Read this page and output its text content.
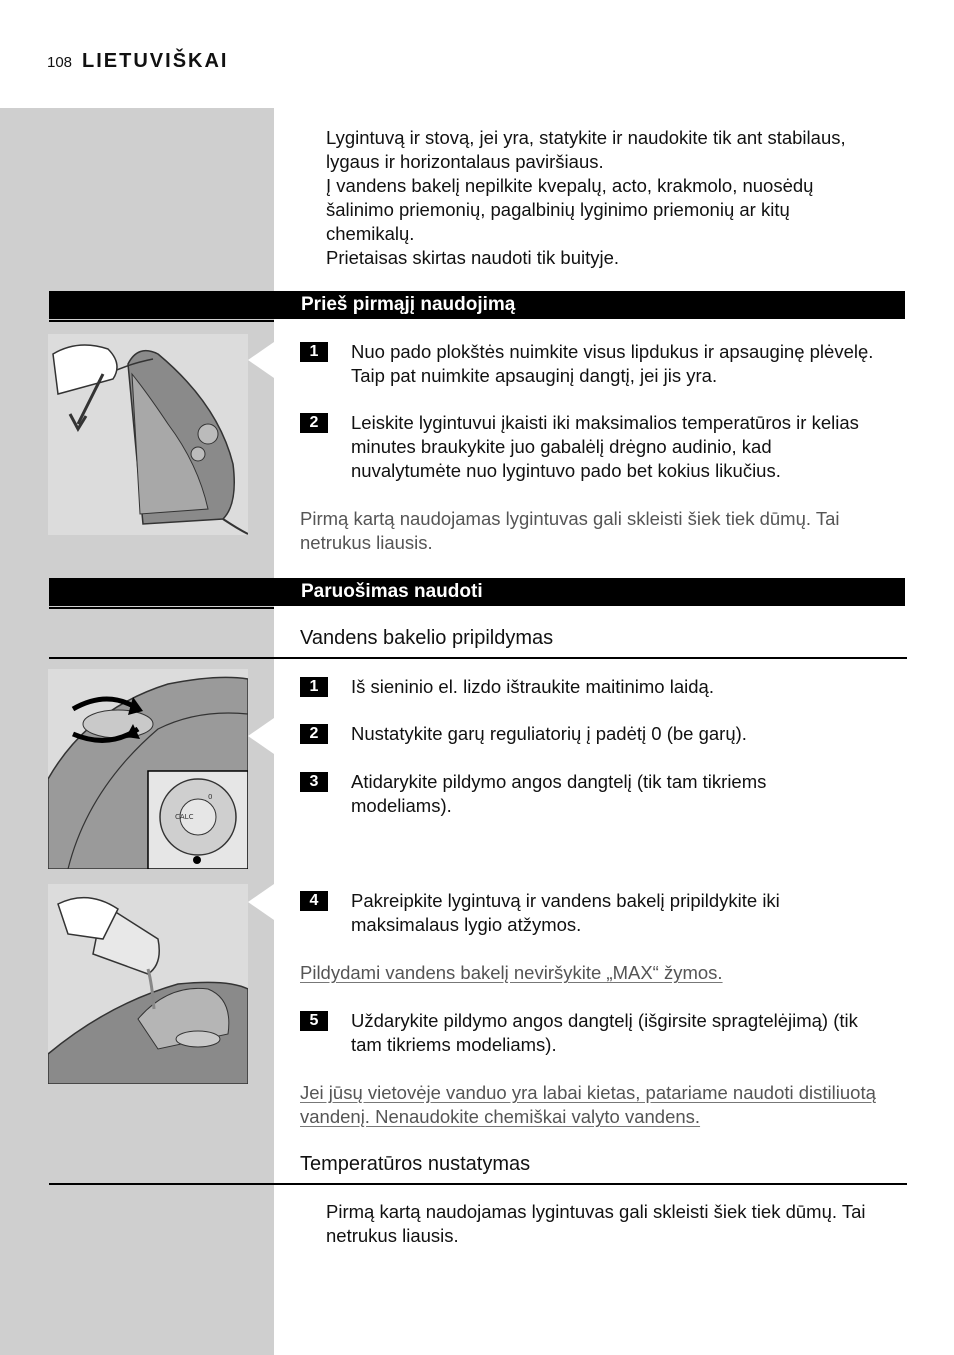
108 LIETUVIŠKAI
Lygintuvą ir stovą, jei yra, statykite ir naudokite tik ant stabilaus,
lygaus ir horizontalaus paviršiaus.
Į vandens bakelį nepilkite kvepalų, acto, krakmolo, nuosėdų
šalinimo priemonių, pagalbinių lyginimo priemonių ar kitų
chemikalų.
Prietaisas skirtas naudoti tik buityje.
Prieš pirmąjį naudojimą
1	Nuo pado plokštės nuimkite visus lipdukus ir apsauginę plėvelę.
Taip pat nuimkite apsauginį dangtį, jei jis yra.
2	Leiskite lygintuvui įkaisti iki maksimalios temperatūros ir kelias
minutes braukykite juo gabalėlį drėgno audinio, kad
nuvalytumėte nuo lygintuvo pado bet kokius likučius.
Pirmą kartą naudojamas lygintuvas gali skleisti šiek tiek dūmų. Tai
netrukus liausis.
Paruošimas naudoti
Vandens bakelio pripildymas
CALC
0
1	Iš sieninio el. lizdo ištraukite maitinimo laidą.
2	Nustatykite garų reguliatorių į padėtį 0 (be garų).
3	Atidarykite pildymo angos dangtelį (tik tam tikriems
modeliams).
4	Pakreipkite lygintuvą ir vandens bakelį pripildykite iki
maksimalaus lygio atžymos.
Pildydami vandens bakelį neviršykite „MAX“ žymos.
5	Uždarykite pildymo angos dangtelį (išgirsite spragtelėjimą) (tik
tam tikriems modeliams).
Jei jūsų vietovėje vanduo yra labai kietas, patariame naudoti distiliuotą
vandenį. Nenaudokite chemiškai valyto vandens.
Temperatūros nustatymas
Pirmą kartą naudojamas lygintuvas gali skleisti šiek tiek dūmų. Tai
netrukus liausis.
